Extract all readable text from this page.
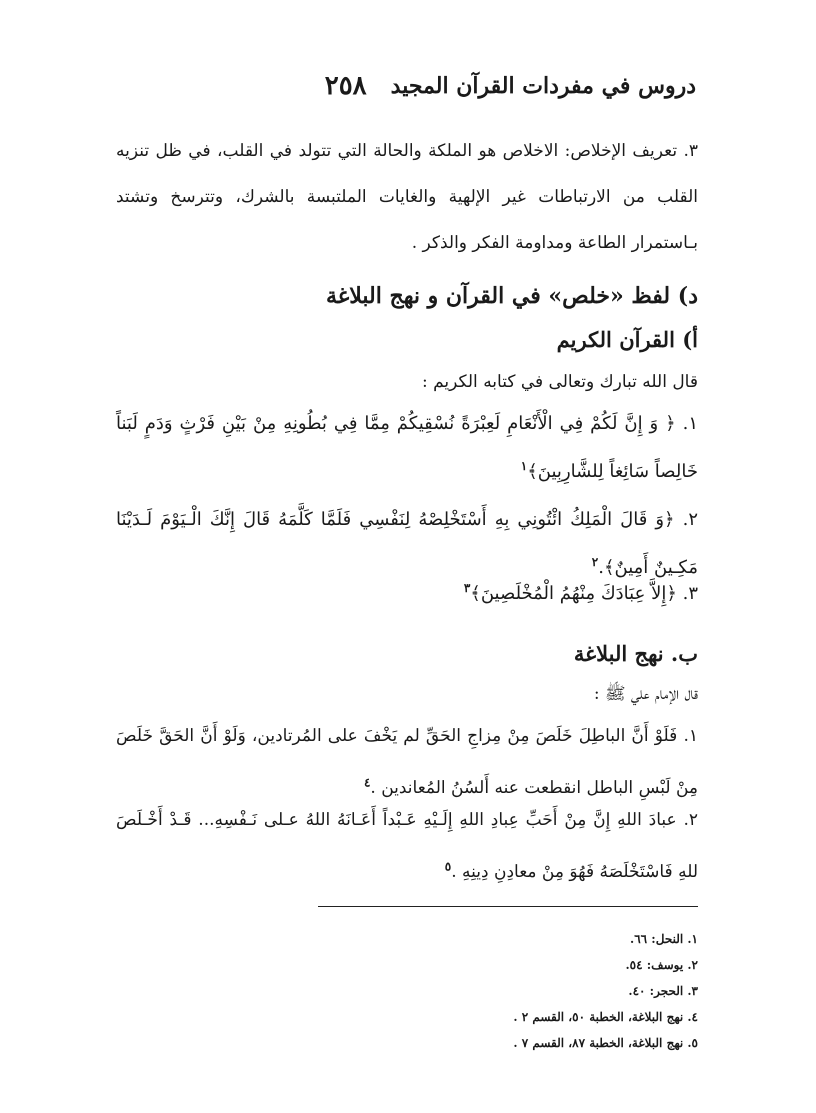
دروس في مفردات القرآن المجيد
٢٥٨
٣. تعريف الإخلاص: الاخلاص هو الملكة والحالة التي تتولد في القلب، في ظل تنزيه القلب من الارتباطات غير الإلهية والغايات الملتبسة بالشرك، وتترسخ وتشتد بـاستمرار الطاعة ومداومة الفكر والذكر .
د) لفظ «خلص» في القرآن و نهج البلاغة
أ) القرآن الكريم
قال الله تبارك وتعالى في كتابه الكريم :
١. ﴿ وَ إِنَّ لَكُمْ فِي الْأَنْعَامِ لَعِبْرَةً نُسْقِيكُمْ مِمَّا فِي بُطُونِهِ مِنْ بَيْنِ فَرْثٍ وَدَمٍ لَبَناً خَالِصاً سَائِغاً لِلشَّارِبِينَ﴾$^١$
٢. ﴿وَ قَالَ الْمَلِكُ ائْتُونِي بِهِ أَسْتَخْلِصْهُ لِنَفْسِي فَلَمَّا كَلَّمَهُ قَالَ إِنَّكَ الْـيَوْمَ لَـدَيْنَا مَكِـينٌ أَمِينٌ﴾.$^٢$
٣. ﴿إِلاَّ عِبَادَكَ مِنْهُمُ الْمُخْلَصِينَ﴾$^٣$
ب. نهج البلاغة
قال الإمام علي ﷺ :
١. فَلَوْ أَنَّ الباطِلَ خَلَصَ مِنْ مِزاجِ الحَقِّ لم يَخْفَ على المُرتادين، وَلَوْ أَنَّ الحَقَّ خَلَصَ مِنْ لَبْسِ الباطل انقطعت عنه أَلسُنُ المُعاندين .$^٤$
٢. عبادَ اللهِ إِنَّ مِنْ أَحَبِّ عِبادِ اللهِ إِلَـيْهِ عَـبْداً أَعَـانَهُ اللهُ عـلى نَـفْسِهِ... قَـدْ أَخْـلَصَ للهِ فَاسْتَخْلَصَهُ فَهُوَ مِنْ معادِنِ دِينِهِ .$^٥$
١. النحل: ٦٦.
٢. يوسف: ٥٤.
٣. الحجر: ٤٠.
٤. نهج البلاغة، الخطبة ٥٠، القسم ٢ .
٥. نهج البلاغة، الخطبة ٨٧، القسم ٧ .
